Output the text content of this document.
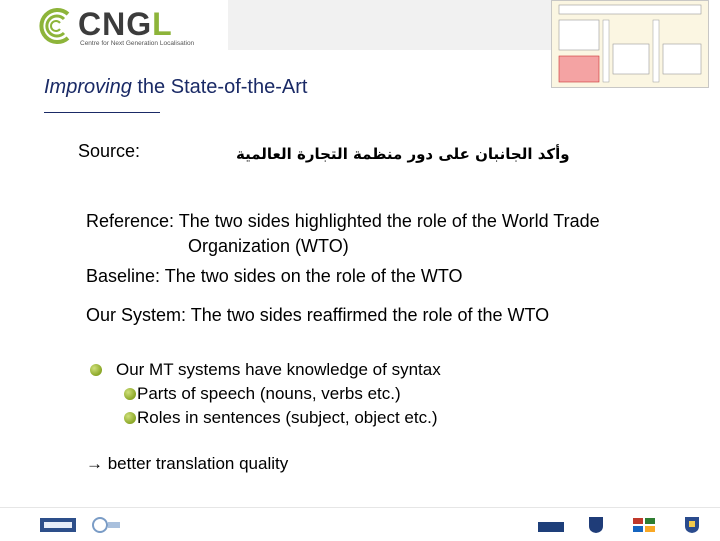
CNGL
Centre for Next Generation Localisation
Improving the State-of-the-Art
Source:	وأكد الجانبان على دور منظمة التجارة العالمية
Reference: The two sides highlighted the role of the World Trade
Organization (WTO)
Baseline: The two sides on the role of the WTO
Our System: The two sides reaffirmed the role of the WTO
Our MT systems have knowledge of syntax
Parts of speech (nouns, verbs etc.)
Roles in sentences (subject, object etc.)
→ better translation quality
